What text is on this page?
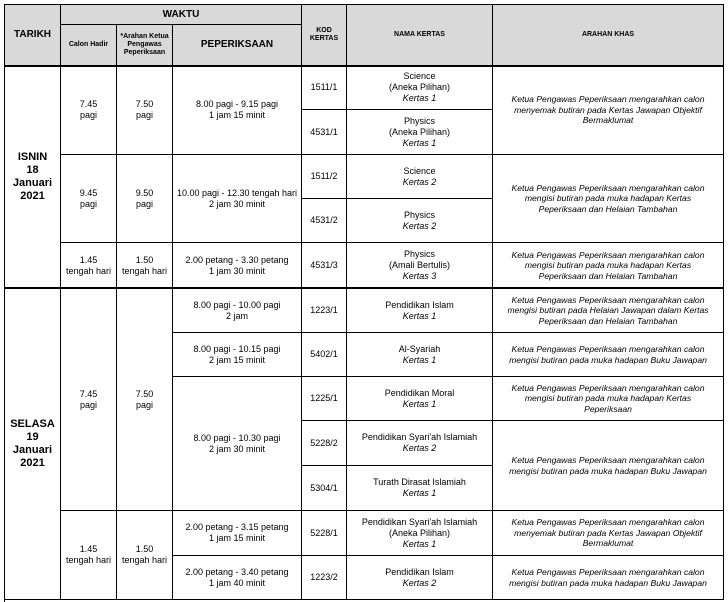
TARIKH
WAKTU
Calon Hadir
*Arahan Ketua
Pengawas
Peperiksaan
PEPERIKSAAN
KOD
KERTAS
NAMA KERTAS	ARAHAN KHAS
ISNIN
18
Januari
2021
SELASA
19
Januari
2021
7.45
pagi
7.50
pagi
9.45
pagi
9.50
pagi
1.45
tengah hari
1.50
tengah hari
7.45
pagi
7.50
pagi
1.45
tengah hari
1.50
tengah hari
8.00 pagi - 9.15 pagi
1 jam 15 minit
10.00 pagi - 12.30 tengah hari
2 jam 30 minit
2.00 petang - 3.30 petang
1 jam 30 minit
8.00 pagi - 10.00 pagi
2 jam
8.00 pagi - 10.15 pagi
2 jam 15 minit
8.00 pagi - 10.30 pagi
2 jam 30 minit
2.00 petang - 3.15 petang
1 jam 15 minit
2.00 petang - 3.40 petang
1 jam 40 minit
1511/1
Science
(Aneka Pilihan)
Kertas 1
4531/1
Physics
(Aneka Pilihan)
Kertas 1
1511/2
Science
Kertas 2
4531/2
Physics
Kertas 2
4531/3
Physics
(Amali Bertulis)
Kertas 3
1223/1
Pendidikan Islam
Kertas 1
5402/1
Al-Syariah
Kertas 1
1225/1
Pendidikan Moral
Kertas 1
5228/2
Pendidikan Syari'ah Islamiah
Kertas 2
5304/1
Turath Dirasat Islamiah
Kertas 1
5228/1
Pendidikan Syari'ah Islamiah
(Aneka Pilihan)
Kertas 1
1223/2
Pendidikan Islam
Kertas 2
Ketua Pengawas Peperiksaan mengarahkan calon
menyemak butiran pada Kertas Jawapan Objektif
Bermaklumat
Ketua Pengawas Peperiksaan mengarahkan calon
mengisi butiran pada muka hadapan Kertas
Peperiksaan dan Helaian Tambahan
Ketua Pengawas Peperiksaan mengarahkan calon
mengisi butiran pada muka hadapan Kertas
Peperiksaan dan Helaian Tambahan
Ketua Pengawas Peperiksaan mengarahkan calon
mengisi butiran pada Helaian Jawapan dalam Kertas
Peperiksaan dan Helaian Tambahan
Ketua Pengawas Peperiksaan mengarahkan calon
mengisi butiran pada muka hadapan Buku Jawapan
Ketua Pengawas Peperiksaan mengarahkan calon
mengisi butiran pada muka hadapan Kertas
Peperiksaan
Ketua Pengawas Peperiksaan mengarahkan calon
mengisi butiran pada muka hadapan Buku Jawapan
Ketua Pengawas Peperiksaan mengarahkan calon
menyemak butiran pada Kertas Jawapan Objektif
Bermaklumat
Ketua Pengawas Peperiksaan mengarahkan calon
mengisi butiran pada muka hadapan Buku Jawapan
